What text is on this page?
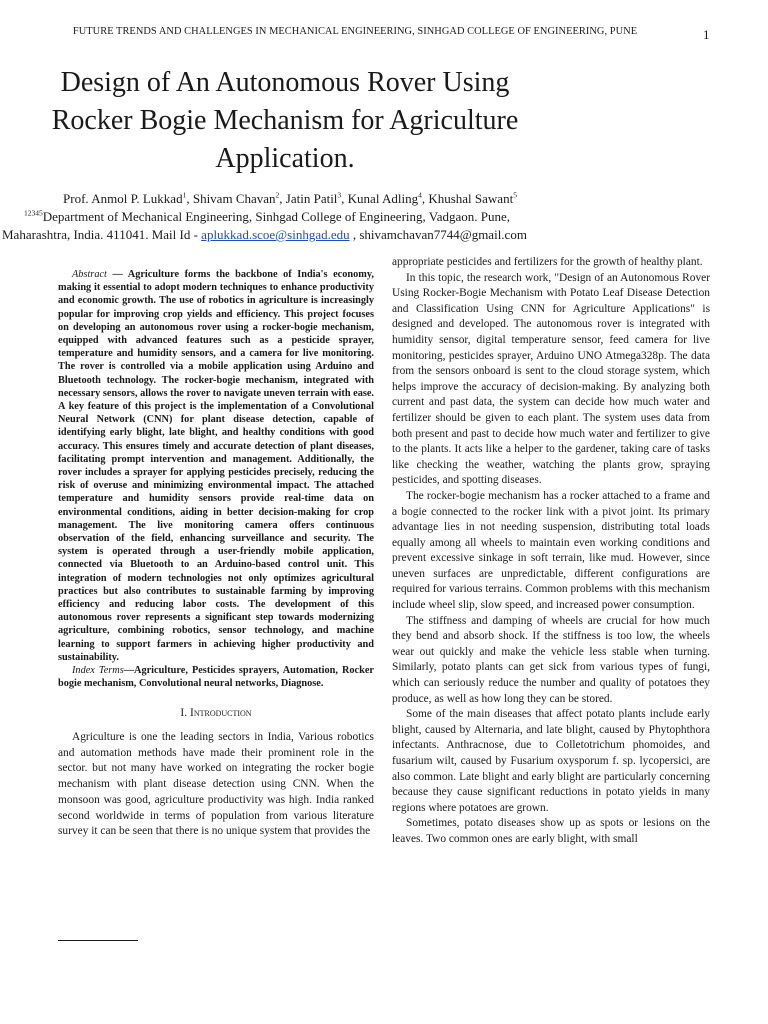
FUTURE TRENDS AND CHALLENGES IN MECHANICAL ENGINEERING, SINHGAD COLLEGE OF ENGINEERING, PUNE	1
Design of An Autonomous Rover Using Rocker Bogie Mechanism for Agriculture Application.
Prof. Anmol P. Lukkad$^1$, Shivam Chavan$^2$, Jatin Patil$^3$, Kunal Adling$^4$, Khushal Sawant$^5$
$^{12345}$Department of Mechanical Engineering, Sinhgad College of Engineering, Vadgaon. Pune,
Maharashtra, India. 411041. Mail Id - aplukkad.scoe@sinhgad.edu , shivamchavan7744@gmail.com

Abstract — Agriculture forms the backbone of India's economy, making it essential to adopt modern techniques to enhance productivity and economic growth. The use of robotics in agriculture is increasingly popular for improving crop yields and efficiency. This project focuses on developing an autonomous rover using a rocker-bogie mechanism, equipped with advanced features such as a pesticide sprayer, temperature and humidity sensors, and a camera for live monitoring. The rover is controlled via a mobile application using Arduino and Bluetooth technology. The rocker-bogie mechanism, integrated with necessary sensors, allows the rover to navigate uneven terrain with ease. A key feature of this project is the implementation of a Convolutional Neural Network (CNN) for plant disease detection, capable of identifying early blight, late blight, and healthy conditions with good accuracy. This ensures timely and accurate detection of plant diseases, facilitating prompt intervention and management. Additionally, the rover includes a sprayer for applying pesticides precisely, reducing the risk of overuse and minimizing environmental impact. The attached temperature and humidity sensors provide real-time data on environmental conditions, aiding in better decision-making for crop management. The live monitoring camera offers continuous observation of the field, enhancing surveillance and security. The system is operated through a user-friendly mobile application, connected via Bluetooth to an Arduino-based control unit. This integration of modern technologies not only optimizes agricultural practices but also contributes to sustainable farming by improving efficiency and reducing labor costs. The development of this autonomous rover represents a significant step towards modernizing agriculture, combining robotics, sensor technology, and machine learning to support farmers in achieving higher productivity and sustainability.

Index Terms—Agriculture, Pesticides sprayers, Automation, Rocker bogie mechanism, Convolutional neural networks, Diagnose.

I. Introduction

Agriculture is one the leading sectors in India, Various robotics and automation methods have made their prominent role in the sector. but not many have worked on integrating the rocker bogie mechanism with plant disease detection using CNN. When the monsoon was good, agriculture productivity was high. India ranked second worldwide in terms of population from various literature survey it can be seen that there is no unique system that provides the

appropriate pesticides and fertilizers for the growth of healthy plant.

In this topic, the research work, "Design of an Autonomous Rover Using Rocker-Bogie Mechanism with Potato Leaf Disease Detection and Classification Using CNN for Agriculture Applications" is designed and developed. The autonomous rover is integrated with humidity sensor, digital temperature sensor, feed camera for live monitoring, pesticides sprayer, Arduino UNO Atmega328p. The data from the sensors onboard is sent to the cloud storage system, which helps improve the accuracy of decision-making. By analyzing both current and past data, the system can decide how much water and fertilizer should be given to each plant. The system uses data from both present and past to decide how much water and fertilizer to give to the plants. It acts like a helper to the gardener, taking care of tasks like checking the weather, watching the plants grow, spraying pesticides, and spotting diseases.

The rocker-bogie mechanism has a rocker attached to a frame and a bogie connected to the rocker link with a pivot joint. Its primary advantage lies in not needing suspension, distributing total loads equally among all wheels to maintain even working conditions and prevent excessive sinkage in soft terrain, like mud. However, since uneven surfaces are unpredictable, different configurations are required for various terrains. Common problems with this mechanism include wheel slip, slow speed, and increased power consumption.

The stiffness and damping of wheels are crucial for how much they bend and absorb shock. If the stiffness is too low, the wheels wear out quickly and make the vehicle less stable when turning. Similarly, potato plants can get sick from various types of fungi, which can seriously reduce the number and quality of potatoes they produce, as well as how long they can be stored.

Some of the main diseases that affect potato plants include early blight, caused by Alternaria, and late blight, caused by Phytophthora infectants. Anthracnose, due to Colletotrichum phomoides, and fusarium wilt, caused by Fusarium oxysporum f. sp. lycopersici, are also common. Late blight and early blight are particularly concerning because they cause significant reductions in potato yields in many regions where potatoes are grown.

Sometimes, potato diseases show up as spots or lesions on the leaves. Two common ones are early blight, with small
